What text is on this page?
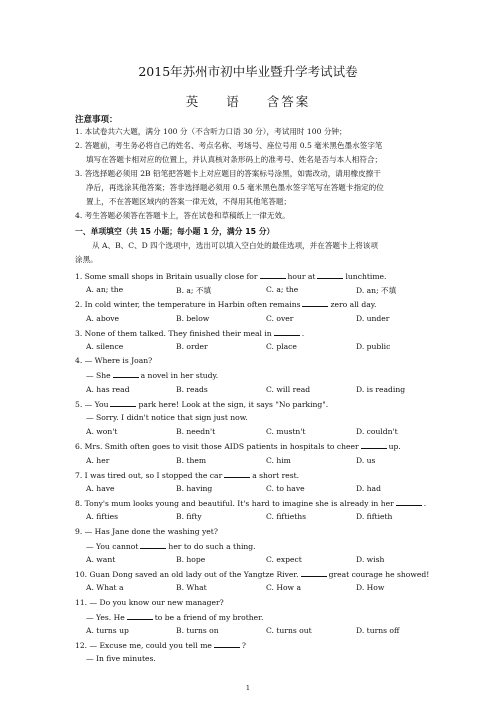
2015年苏州市初中毕业暨升学考试试卷
英 语 含答案
注意事项：
1. 本试卷共六大题，满分 100 分（不含听力口语 30 分），考试用时 100 分钟；
2. 答题前，考生务必将自己的姓名、考点名称、考场号、座位号用 0.5 毫米黑色墨水签字笔
填写在答题卡相对应的位置上，并认真核对条形码上的准考号、姓名是否与本人相符合；
3. 答选择题必须用 2B 铅笔把答题卡上对应题目的答案标号涂黑，如需改动，请用橡皮擦干
净后，再选涂其他答案；答非选择题必须用 0.5 毫米黑色墨水签字笔写在答题卡指定的位
置上，不在答题区域内的答案一律无效，不得用其他笔答题；
4. 考生答题必须答在答题卡上，答在试卷和草稿纸上一律无效。
一、单项填空（共 15 小题；每小题 1 分，满分 15 分）
从 A、B、C、D 四个选项中，选出可以填入空白处的最佳选项，并在答题卡上将该项
涂黑。
1. Some small shops in Britain usually close for	hour at	lunchtime.
A. an; the	B. a; 不填	C. a; the	D. an; 不填
2. In cold winter, the temperature in Harbin often remains	zero all day.
A. above	B. below	C. over	D. under
3. None of them talked. They finished their meal in	.
A. silence	B. order	C. place	D. public
4. — Where is Joan?
— She	a novel in her study.
A. has read	B. reads	C. will read	D. is reading
5. — You	park here! Look at the sign, it says "No parking".
— Sorry. I didn't notice that sign just now.
A. won't	B. needn't	C. mustn't	D. couldn't
6. Mrs. Smith often goes to visit those AIDS patients in hospitals to cheer	up.
A. her	B. them	C. him	D. us
7. I was tired out, so I stopped the car	a short rest.
A. have	B. having	C. to have	D. had
8. Tony's mum looks young and beautiful. It's hard to imagine she is already in her	.
A. fifties	B. fifty	C. fiftieths	D. fiftieth
9. — Has Jane done the washing yet?
— You cannot	her to do such a thing.
A. want	B. hope	C. expect	D. wish
10. Guan Dong saved an old lady out of the Yangtze River.	great courage he showed!
A. What a	B. What	C. How a	D. How
11. — Do you know our new manager?
— Yes. He	to be a friend of my brother.
A. turns up	B. turns on	C. turns out	D. turns off
12. — Excuse me, could you tell me	?
— In five minutes.
1
